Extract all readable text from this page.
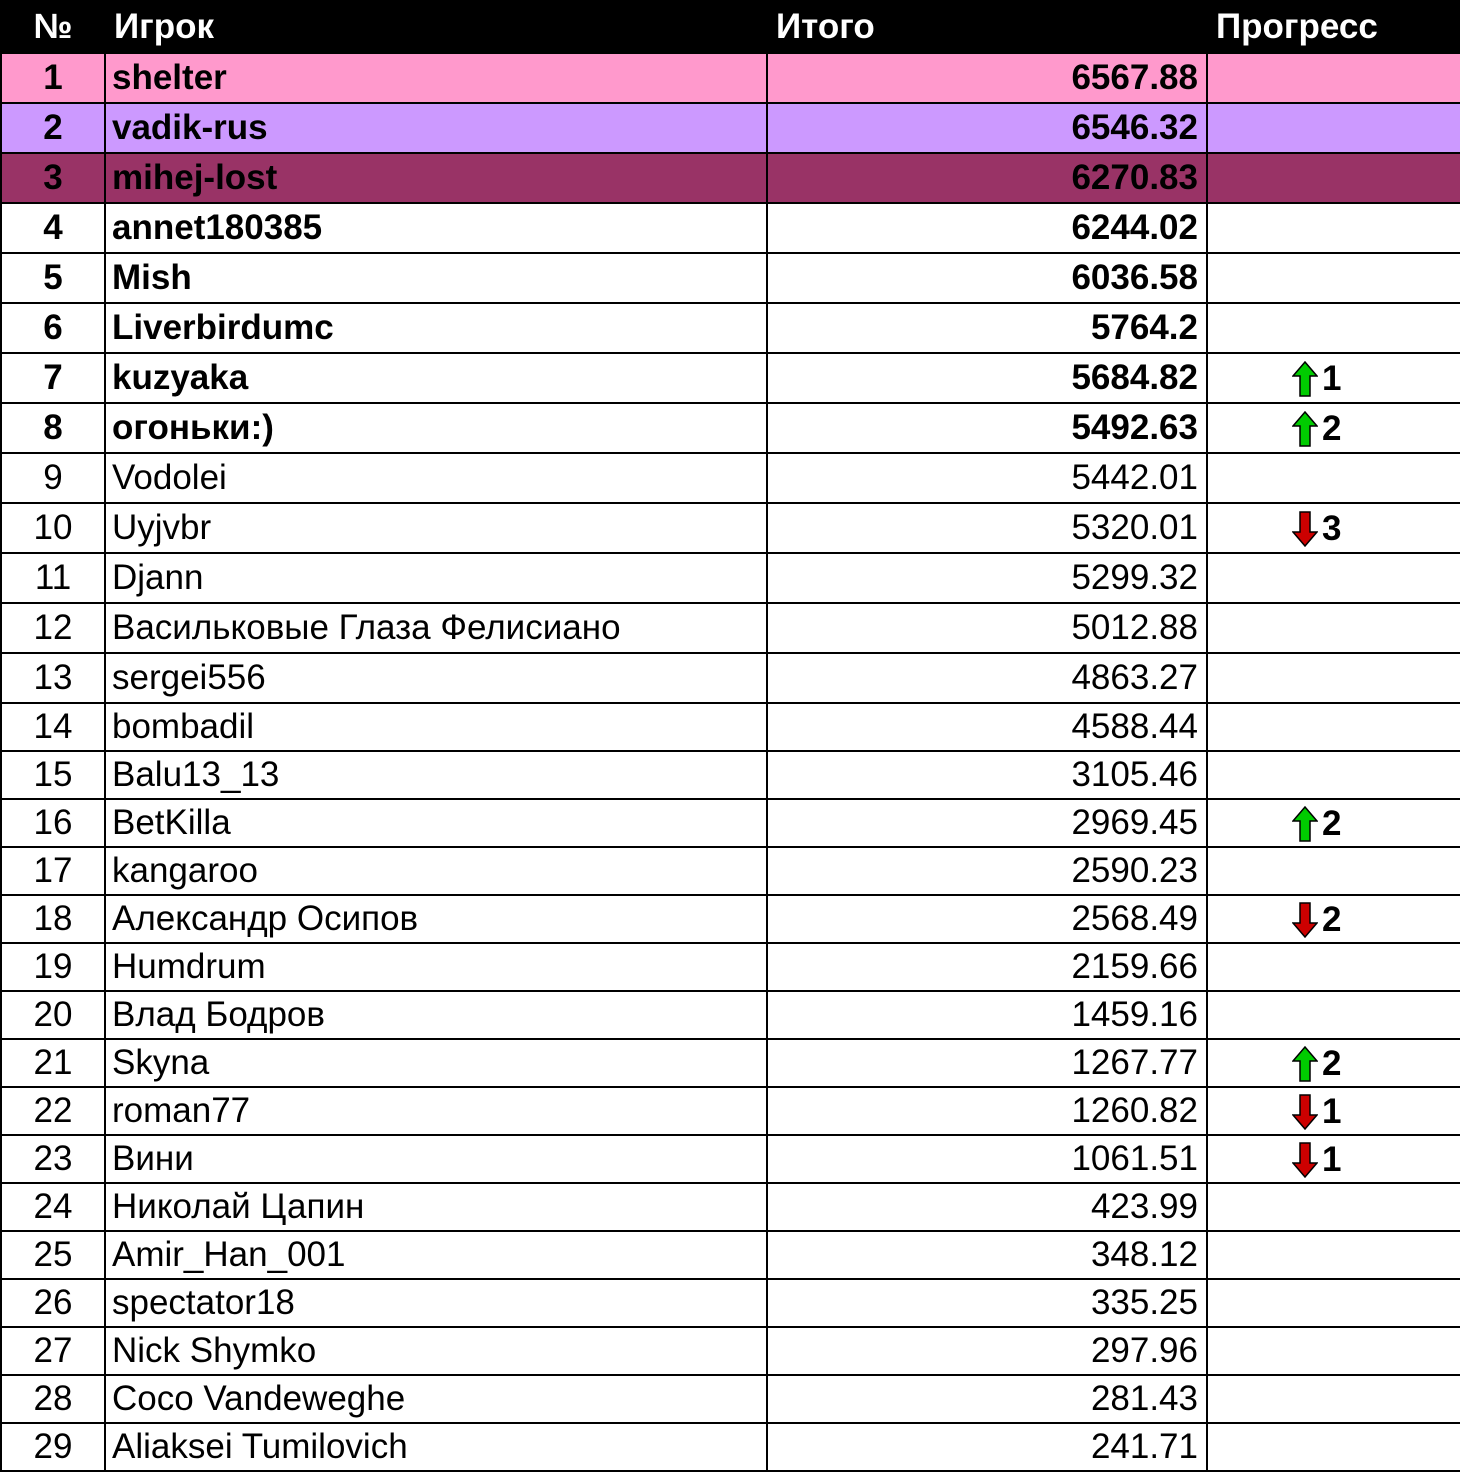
№	Игрок	Итого	Прогресс
1	shelter	6567.88	
2	vadik-rus	6546.32	
3	mihej-lost	6270.83	
4	annet180385	6244.02	
5	Mish	6036.58	
6	Liverbirdumc	5764.2	
7	kuzyaka	5684.82	1
8	огоньки:)	5492.63	2
9	Vodolei	5442.01	
10	Uyjvbr	5320.01	3
11	Djann	5299.32	
12	Васильковые Глаза Фелисиано	5012.88	
13	sergei556	4863.27	
14	bombadil	4588.44	
15	Balu13_13	3105.46	
16	BetKilla	2969.45	2
17	kangaroo	2590.23	
18	Александр Осипов	2568.49	2
19	Humdrum	2159.66	
20	Влад Бодров	1459.16	
21	Skyna	1267.77	2
22	roman77	1260.82	1
23	Вини	1061.51	1
24	Николай Цапин	423.99	
25	Amir_Han_001	348.12	
26	spectator18	335.25	
27	Nick Shymko	297.96	
28	Coco Vandeweghe	281.43	
29	Aliaksei Tumilovich	241.71	
